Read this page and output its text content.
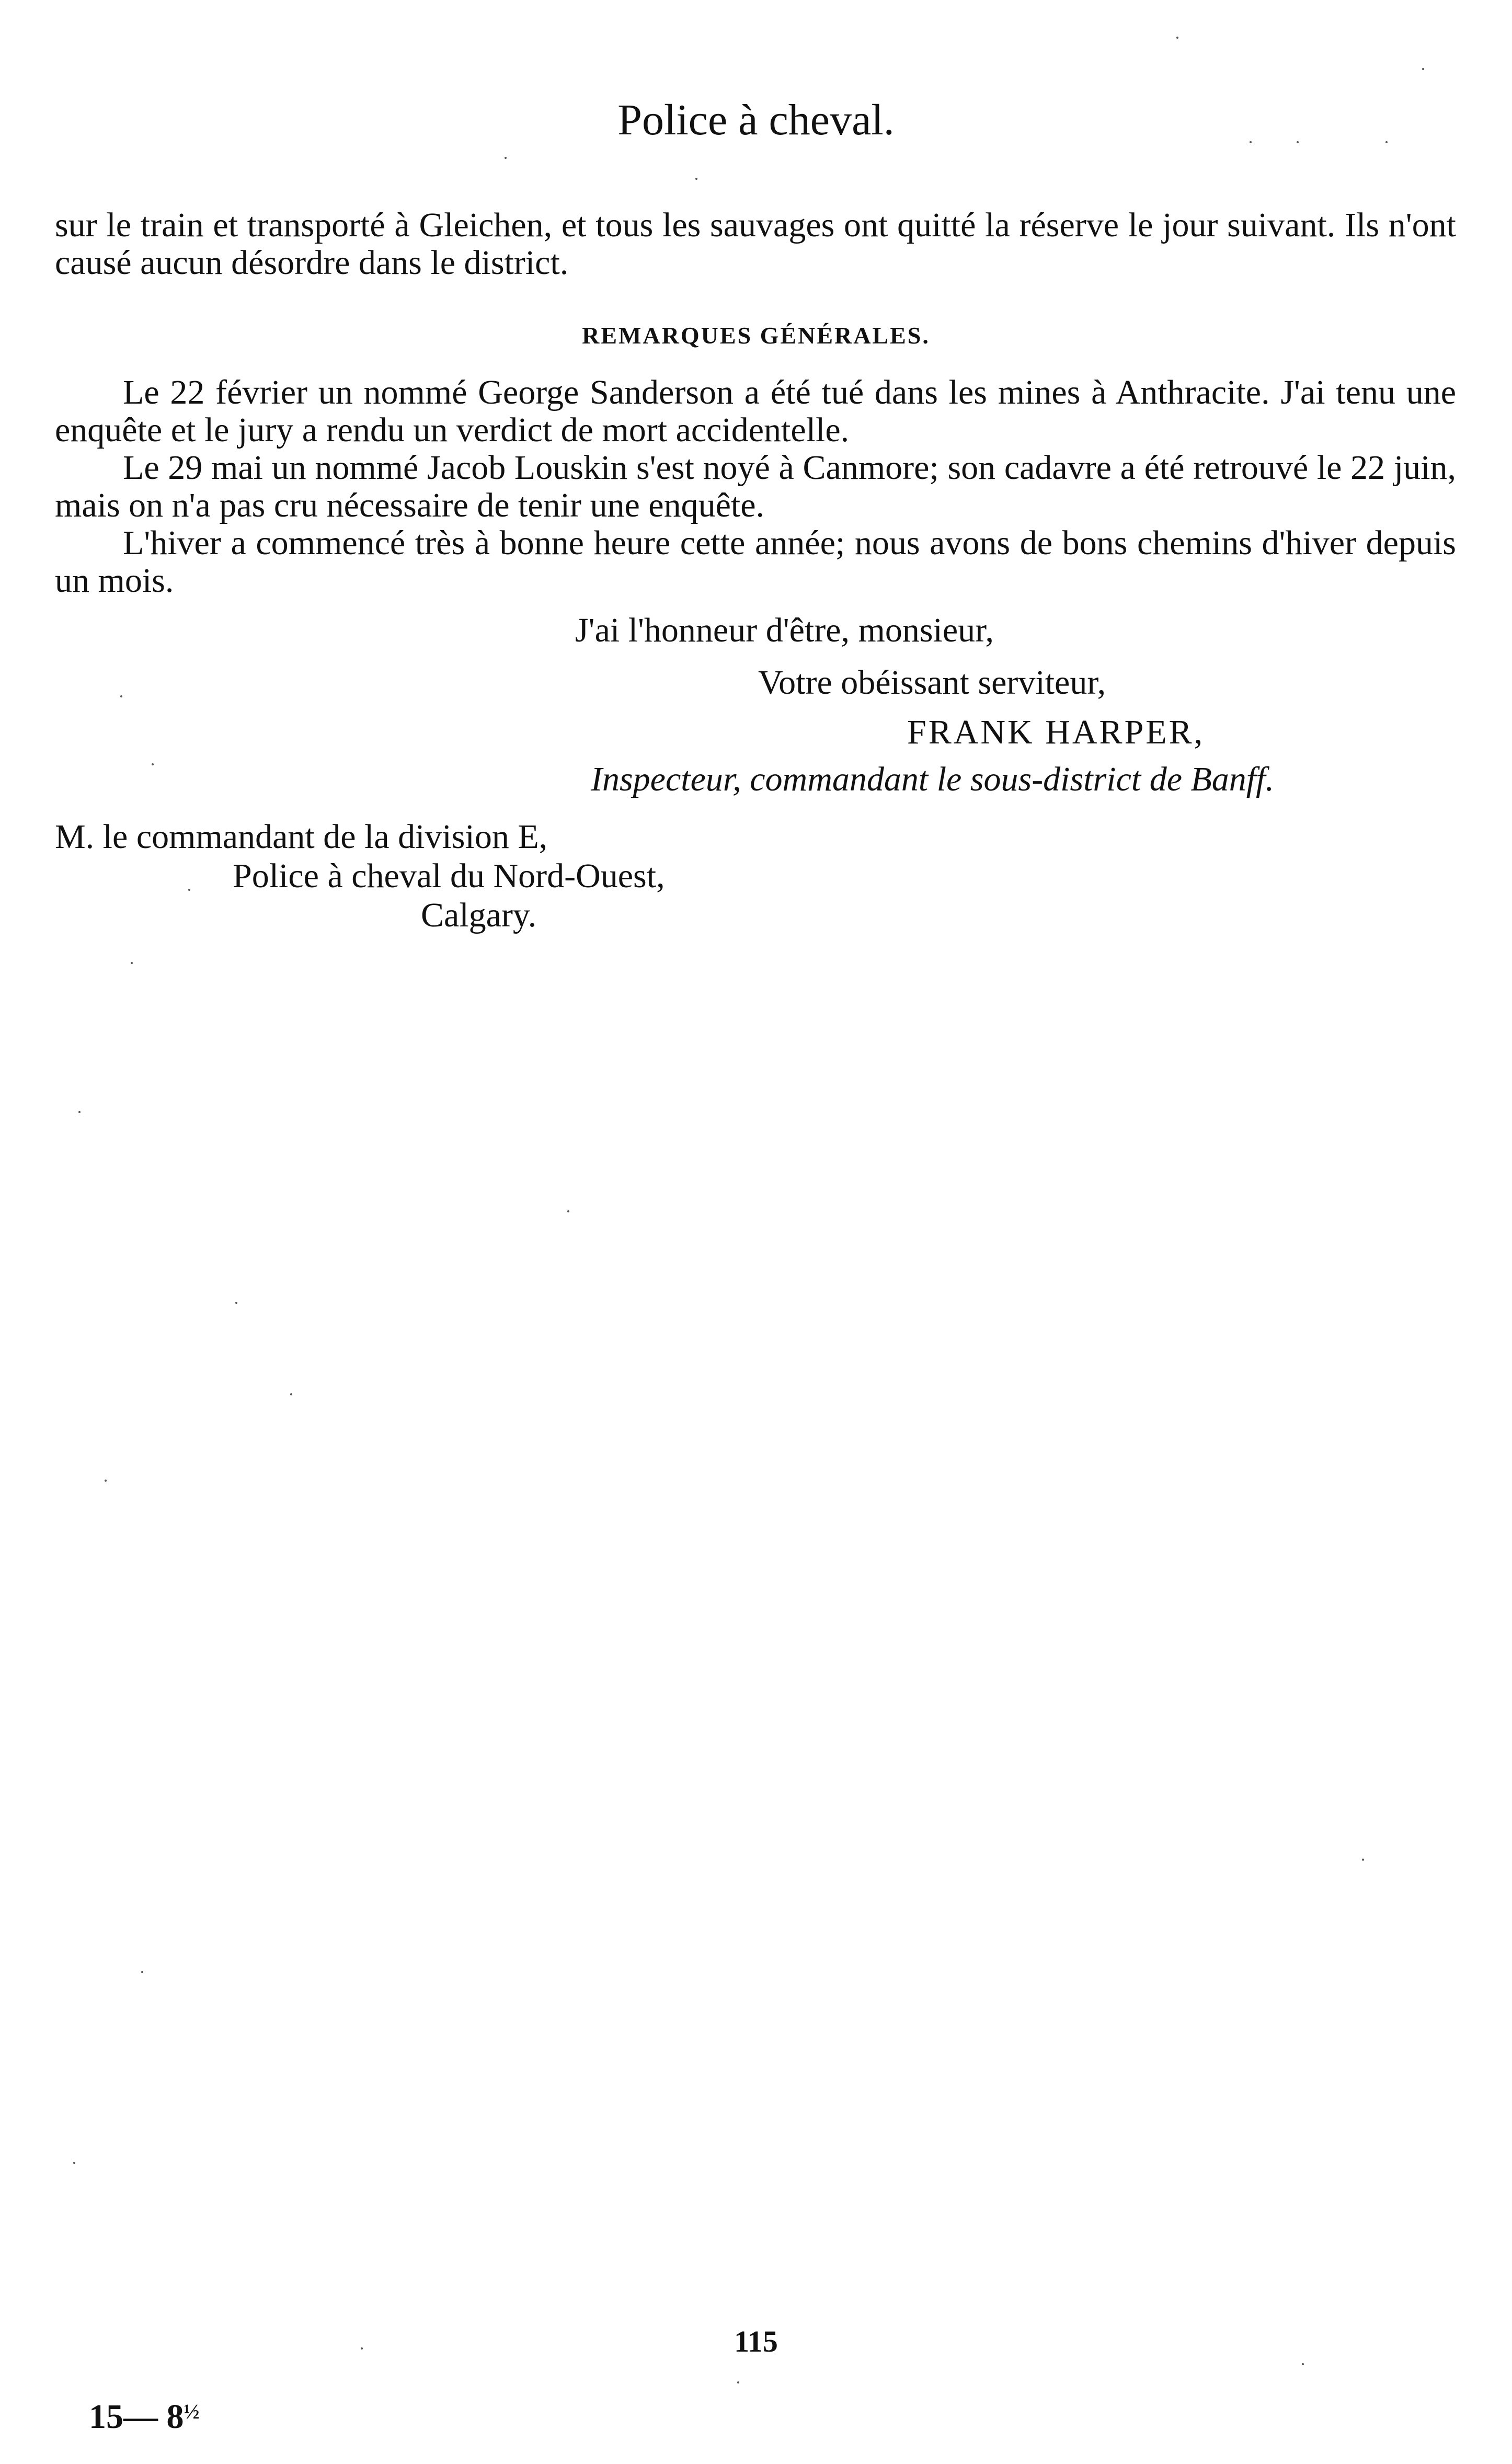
Police à cheval.
sur le train et transporté à Gleichen, et tous les sauvages ont quitté la réserve le jour suivant. Ils n'ont causé aucun désordre dans le district.
REMARQUES GÉNÉRALES.

Le 22 février un nommé George Sanderson a été tué dans les mines à Anthracite. J'ai tenu une enquête et le jury a rendu un verdict de mort accidentelle.

Le 29 mai un nommé Jacob Louskin s'est noyé à Canmore; son cadavre a été retrouvé le 22 juin, mais on n'a pas cru nécessaire de tenir une enquête.

L'hiver a commencé très à bonne heure cette année; nous avons de bons chemins d'hiver depuis un mois.

J'ai l'honneur d'être, monsieur,
Votre obéissant serviteur,
FRANK HARPER,
Inspecteur, commandant le sous-district de Banff.
M. le commandant de la division E,
Police à cheval du Nord-Ouest,
Calgary.
115
15— $8^{\frac{1}{2}}$
